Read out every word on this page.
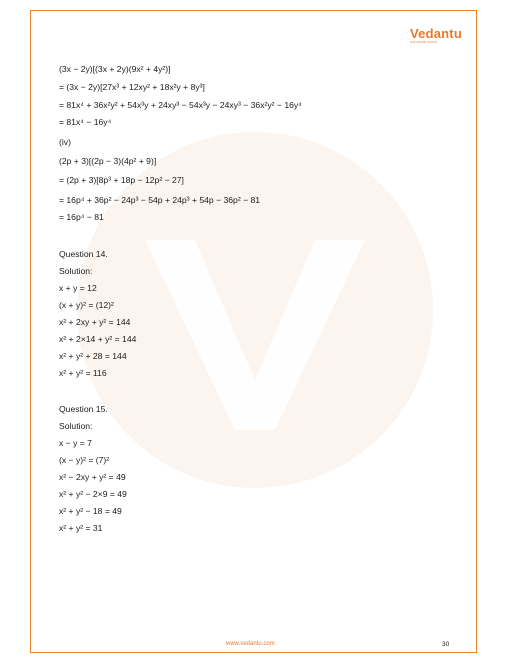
Vedantu
LIVE ONLINE TUITION
(3x − 2y)[(3x + 2y)(9x² + 4y²)]
= (3x − 2y)[27x³ + 12xy² + 18x²y + 8y³]
= 81x⁴ + 36x²y² + 54x³y + 24xy³ − 54x³y − 24xy³ − 36x²y² − 16y⁴
= 81x⁴ − 16y⁴
(iv)
(2p + 3)[(2p − 3)(4p² + 9)]
= (2p + 3)[8p³ + 18p − 12p² − 27]
= 16p⁴ + 36p² − 24p³ − 54p + 24p³ + 54p − 36p² − 81
= 16p⁴ − 81
Question 14.
Solution:
x + y = 12
(x + y)² = (12)²
x² + 2xy + y² = 144
x² + 2×14 + y² = 144
x² + y² + 28 = 144
x² + y² = 116
Question 15.
Solution:
x − y = 7
(x − y)² = (7)²
x² − 2xy + y² = 49
x² + y² − 2×9 = 49
x² + y² − 18 = 49
x² + y² = 31
www.vedantu.com	30
